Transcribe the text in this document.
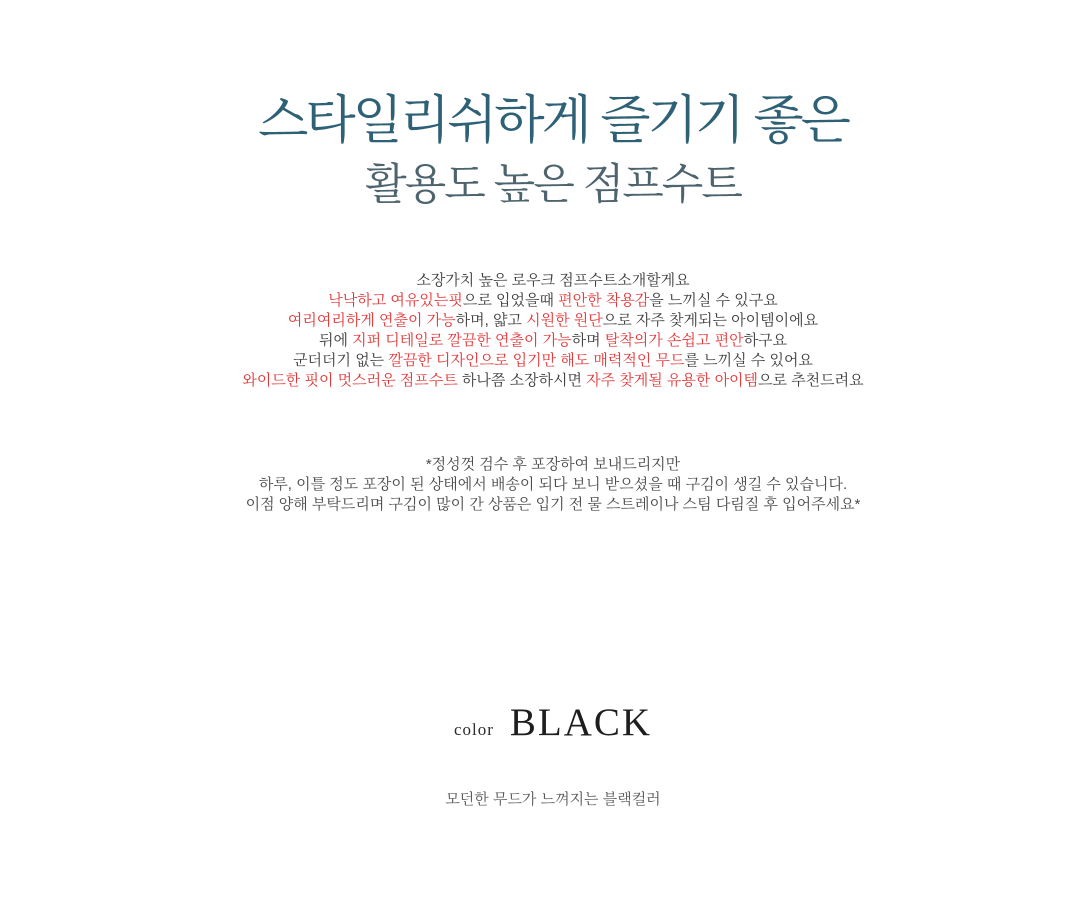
스타일리쉬하게 즐기기 좋은
활용도 높은 점프수트
소장가치 높은 로우크 점프수트소개할게요
낙낙하고 여유있는핏으로 입었을때 편안한 착용감을 느끼실 수 있구요
여리여리하게 연출이 가능하며, 얇고 시원한 원단으로 자주 찾게되는 아이템이에요
뒤에 지퍼 디테일로 깔끔한 연출이 가능하며 탈착의가 손쉽고 편안하구요
군더더기 없는 깔끔한 디자인으로 입기만 해도 매력적인 무드를 느끼실 수 있어요
와이드한 핏이 멋스러운 점프수트 하나쯤 소장하시면 자주 찾게될 유용한 아이템으로 추천드려요
*정성껏 검수 후 포장하여 보내드리지만
하루, 이틀 정도 포장이 된 상태에서 배송이 되다 보니 받으셨을 때 구김이 생길 수 있습니다.
이점 양해 부탁드리며 구김이 많이 간 상품은 입기 전 물 스트레이나 스팀 다림질 후 입어주세요*
color BLACK
모던한 무드가 느껴지는 블랙컬러
